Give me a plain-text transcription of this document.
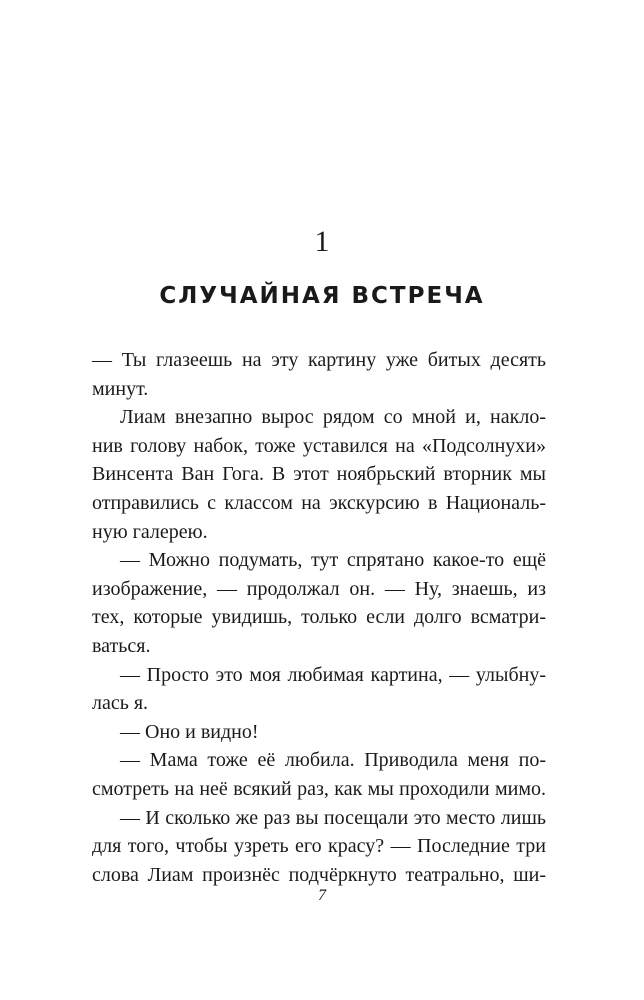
1
СЛУЧАЙНАЯ ВСТРЕЧА
— Ты глазеешь на эту картину уже битых десять
минут.
Лиам внезапно вырос рядом со мной и, накло-
нив голову набок, тоже уставился на «Подсолнухи»
Винсента Ван Гога. В этот ноябрьский вторник мы
отправились с классом на экскурсию в Националь-
ную галерею.
— Можно подумать, тут спрятано какое-то ещё
изображение, — продолжал он. — Ну, знаешь, из
тех, которые увидишь, только если долго всматри-
ваться.
— Просто это моя любимая картина, — улыбну-
лась я.
— Оно и видно!
— Мама тоже её любила. Приводила меня по-
смотреть на неё всякий раз, как мы проходили мимо.
— И сколько же раз вы посещали это место лишь
для того, чтобы узреть его красу? — Последние три
слова Лиам произнёс подчёркнуто театрально, ши-
7
